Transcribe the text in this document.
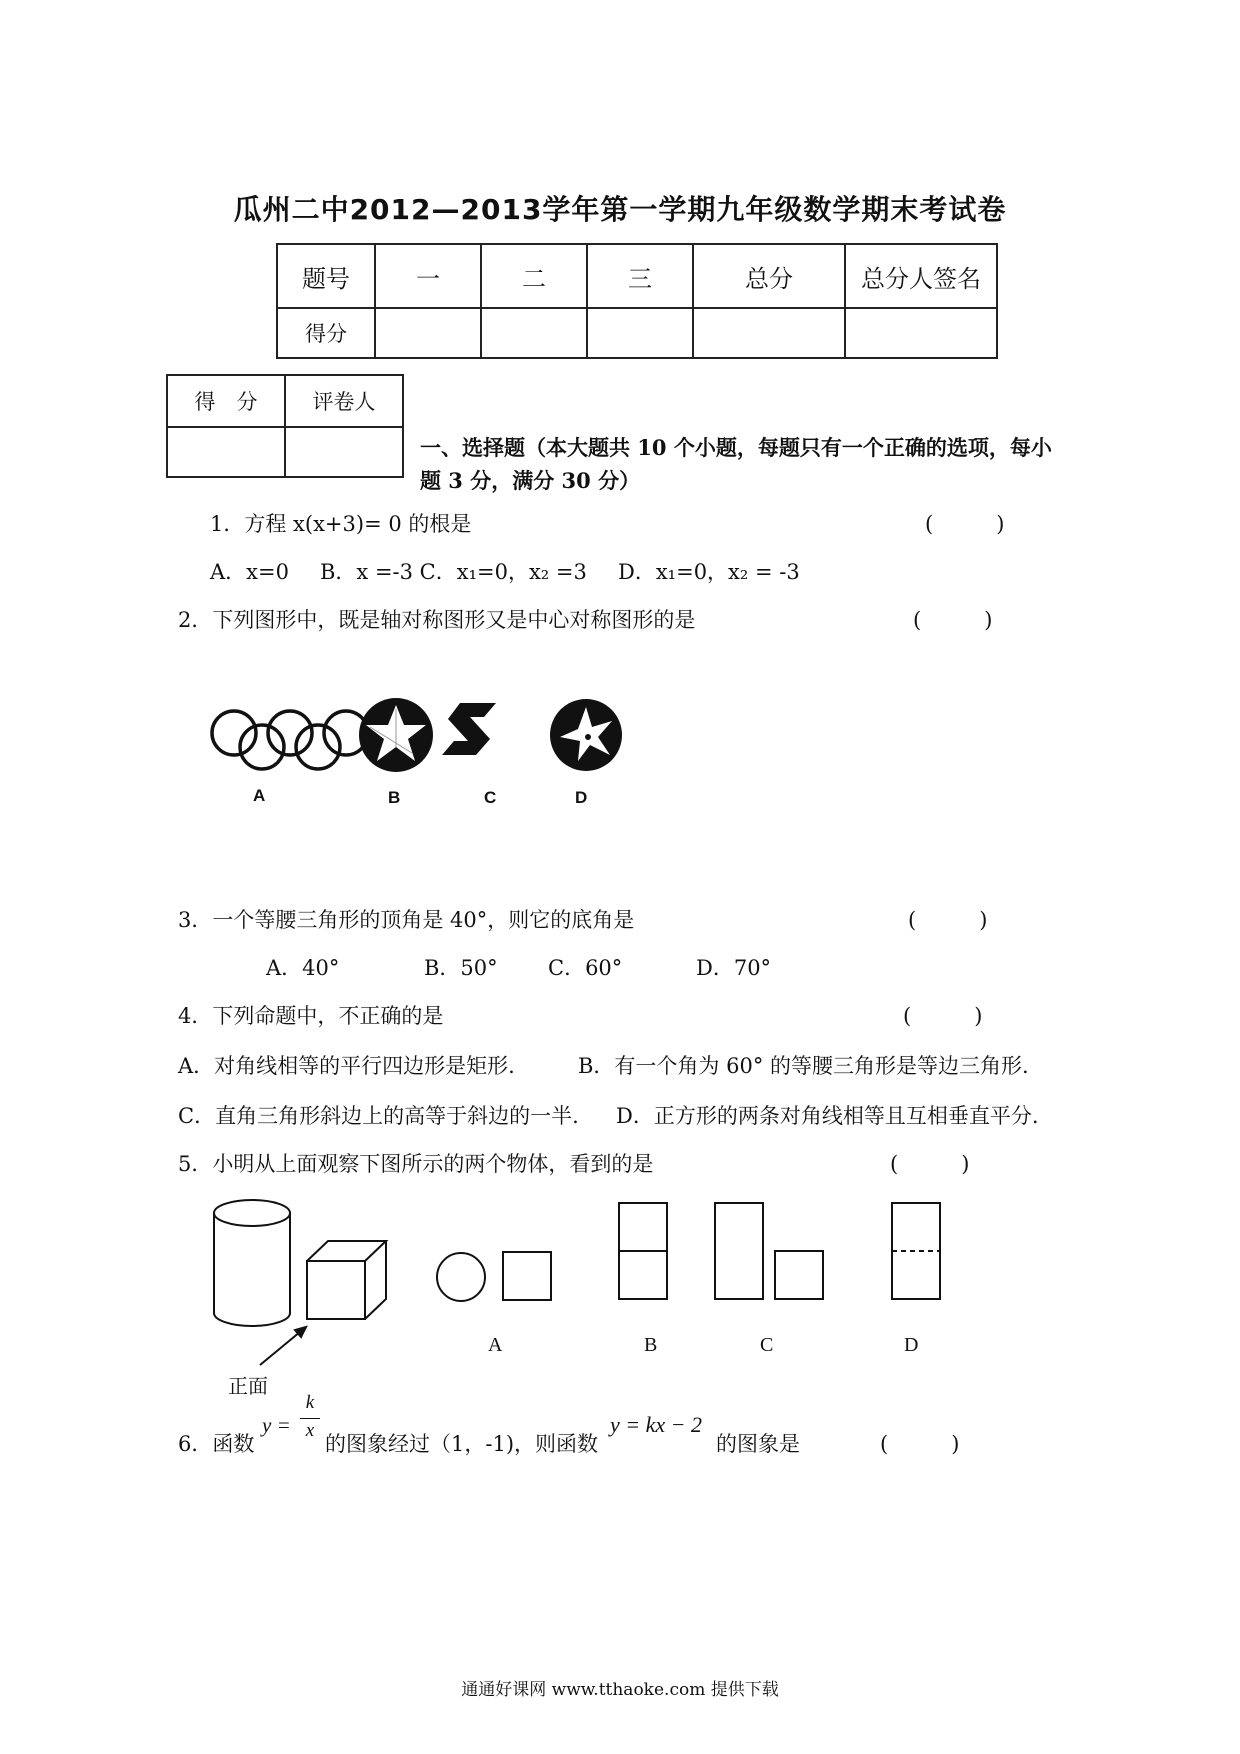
瓜州二中2012—2013学年第一学期九年级数学期末考试卷
题号	一	二	三	总分	总分人签名
得分					
得　分	评卷人

一、选择题（本大题共 10 个小题，每题只有一个正确的选项，每小
题 3 分，满分 30 分）
1．方程 x(x+3)= 0 的根是	(　　　)
A．x=0 B．x =-3 C．x₁=0，x₂ =3 D．x₁=0，x₂ = -3
2．下列图形中，既是轴对称图形又是中心对称图形的是	(　　　)
A	B	C	D
3．一个等腰三角形的顶角是 40°，则它的底角是	(　　　)
A．40°	B．50° C．60°	D．70°
4．下列命题中，不正确的是	(　　　)
A．对角线相等的平行四边形是矩形.	B．有一个角为 60° 的等腰三角形是等边三角形.
C．直角三角形斜边上的高等于斜边的一半. D．正方形的两条对角线相等且互相垂直平分.
5．小明从上面观察下图所示的两个物体，看到的是	(　　　)
正面
A	B	C	D
6．函数
y =
k
x
的图象经过（1，-1)，则函数
y = kx − 2
的图象是	(　　　)
通通好课网 www.tthaoke.com 提供下载
